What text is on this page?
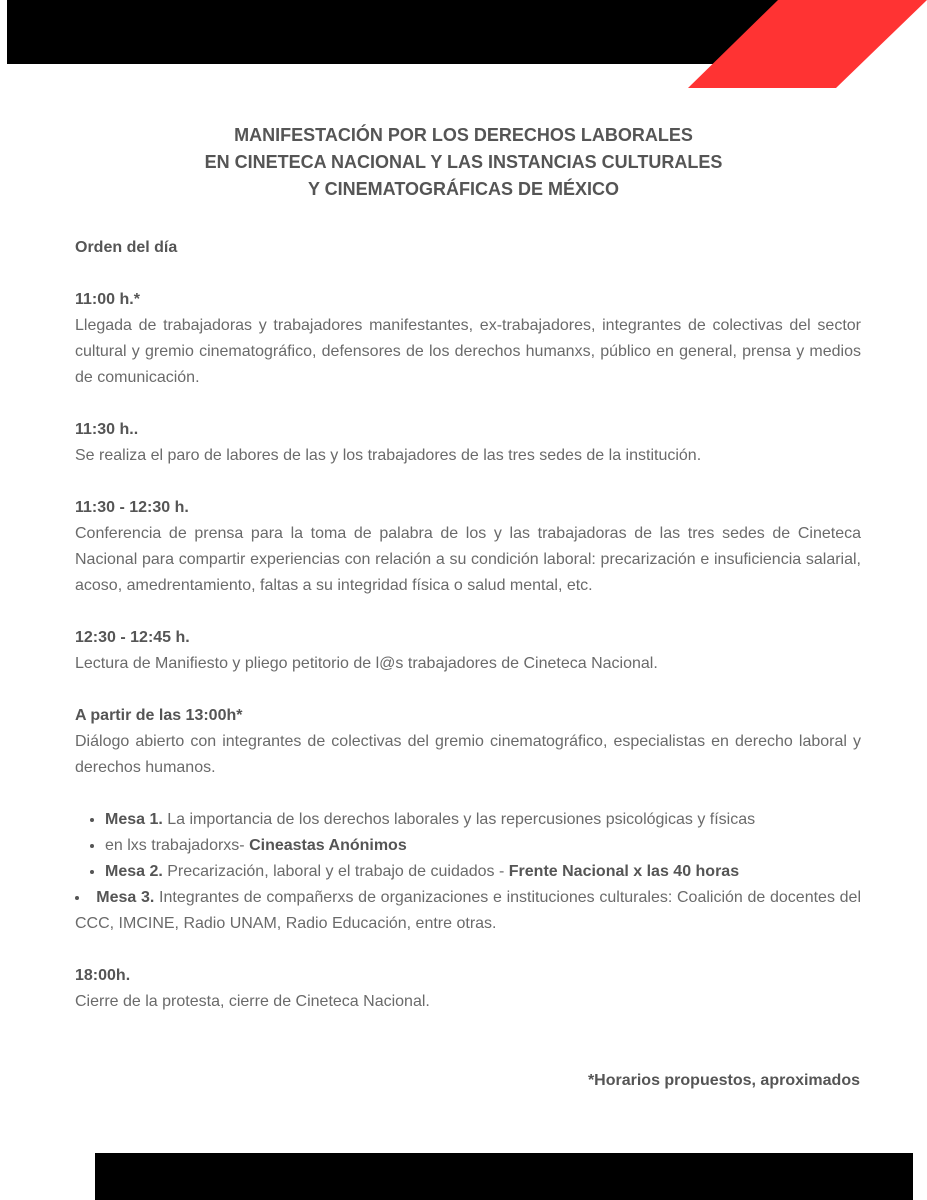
MANIFESTACIÓN POR LOS DERECHOS LABORALES
EN CINETECA NACIONAL Y LAS INSTANCIAS CULTURALES
Y CINEMATOGRÁFICAS DE MÉXICO
Orden del día
11:00 h.*

Llegada de trabajadoras y trabajadores manifestantes, ex-trabajadores, integrantes de colectivas del sector cultural y gremio cinematográfico, defensores de los derechos humanxs, público en general, prensa y medios de comunicación.

11:30 h..

Se realiza el paro de labores de las y los trabajadores de las tres sedes de la institución.

11:30 - 12:30 h.

Conferencia de prensa para la toma de palabra de los y las trabajadoras de las tres sedes de Cineteca Nacional para compartir experiencias con relación a su condición laboral: precarización e insuficiencia salarial, acoso, amedrentamiento, faltas a su integridad física o salud mental, etc.

12:30 - 12:45 h.

Lectura de Manifiesto y pliego petitorio de l@s trabajadores de Cineteca Nacional.

A partir de las 13:00h*

Diálogo abierto con integrantes de colectivas del gremio cinematográfico, especialistas en derecho laboral y derechos humanos.

• Mesa 1. La importancia de los derechos laborales y las repercusiones psicológicas y físicas
• en lxs trabajadorxs- Cineastas Anónimos
• Mesa 2. Precarización, laboral y el trabajo de cuidados - Frente Nacional x las 40 horas
• Mesa 3. Integrantes de compañerxs de organizaciones e instituciones culturales: Coalición de docentes del CCC, IMCINE, Radio UNAM, Radio Educación, entre otras.
18:00h.

Cierre de la protesta, cierre de Cineteca Nacional.

*Horarios propuestos, aproximados
